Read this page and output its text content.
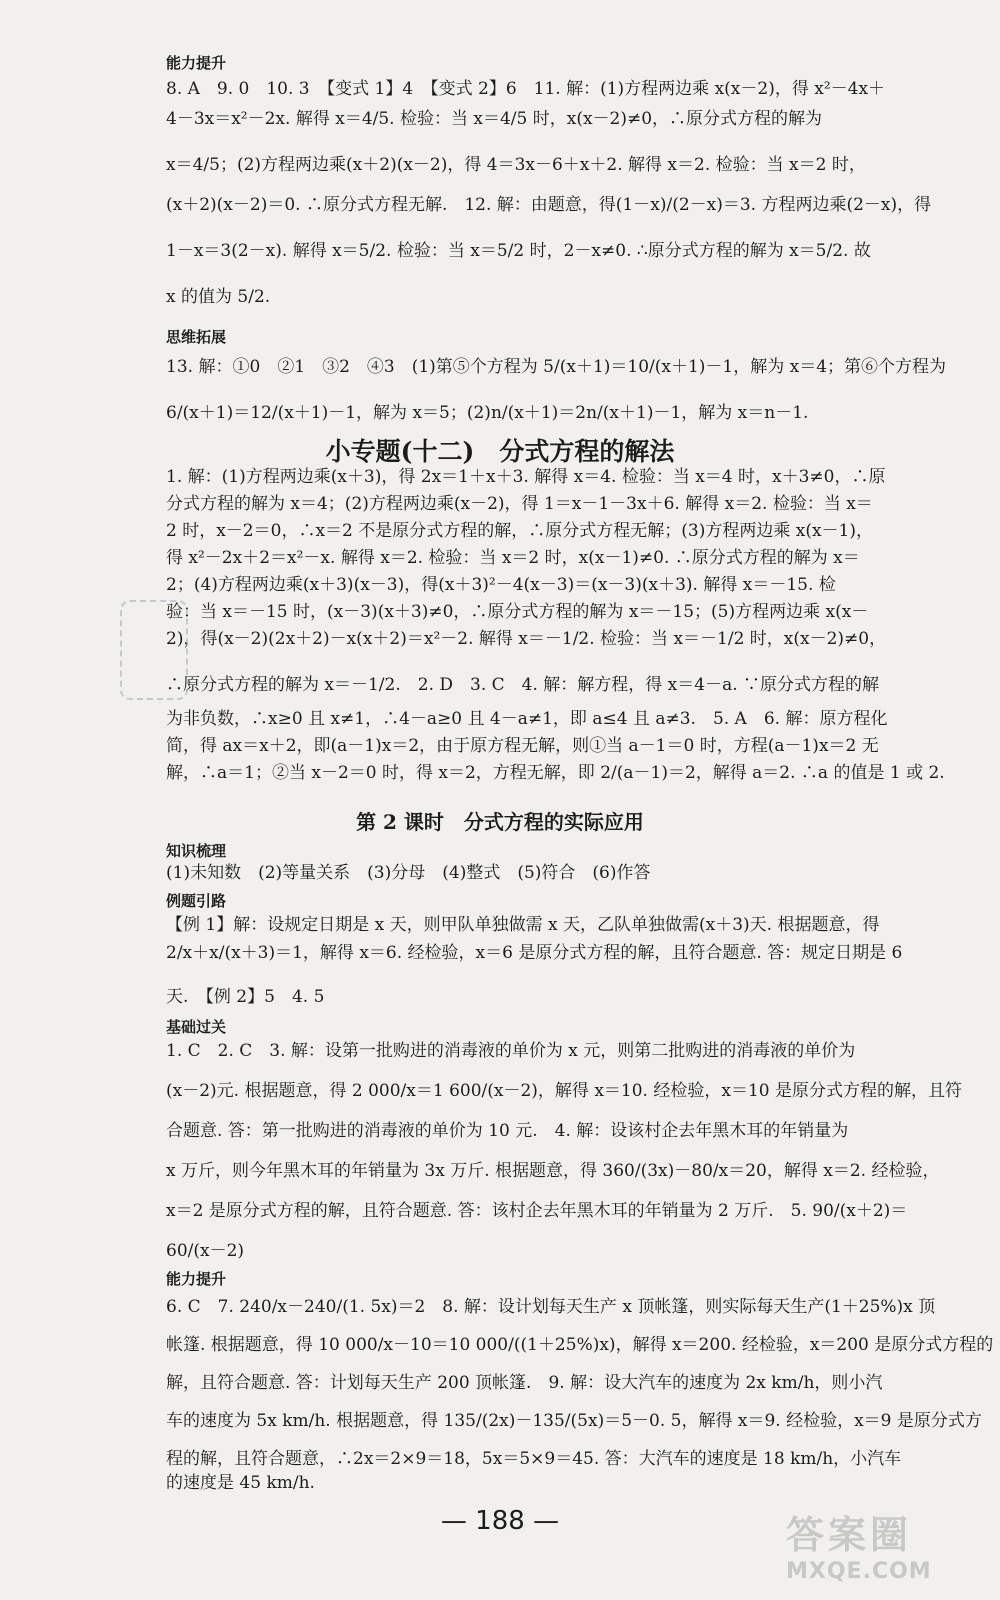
能力提升
8. A　9. 0　10. 3　【变式 1】4　【变式 2】6　11. 解：(1)方程两边乘 x(x－2)，得 x²－4x＋
4－3x＝x²－2x. 解得 x＝4/5. 检验：当 x＝4/5 时，x(x－2)≠0，∴原分式方程的解为
x＝4/5；(2)方程两边乘(x＋2)(x－2)，得 4＝3x－6＋x＋2. 解得 x＝2. 检验：当 x＝2 时，
(x＋2)(x－2)＝0. ∴原分式方程无解.　12. 解：由题意，得(1－x)/(2－x)＝3. 方程两边乘(2－x)，得
1－x＝3(2－x). 解得 x＝5/2. 检验：当 x＝5/2 时，2－x≠0. ∴原分式方程的解为 x＝5/2. 故
x 的值为 5/2.
思维拓展
13. 解：①0　②1　③2　④3　(1)第⑤个方程为 5/(x＋1)＝10/(x＋1)－1，解为 x＝4；第⑥个方程为
6/(x＋1)＝12/(x＋1)－1，解为 x＝5；(2)n/(x＋1)＝2n/(x＋1)－1，解为 x＝n－1.
小专题(十二)　分式方程的解法
1. 解：(1)方程两边乘(x＋3)，得 2x＝1＋x＋3. 解得 x＝4. 检验：当 x＝4 时，x＋3≠0，∴原
分式方程的解为 x＝4；(2)方程两边乘(x－2)，得 1＝x－1－3x＋6. 解得 x＝2. 检验：当 x＝
2 时，x－2＝0，∴x＝2 不是原分式方程的解，∴原分式方程无解；(3)方程两边乘 x(x－1)，
得 x²－2x＋2＝x²－x. 解得 x＝2. 检验：当 x＝2 时，x(x－1)≠0. ∴原分式方程的解为 x＝
2；(4)方程两边乘(x＋3)(x－3)，得(x＋3)²－4(x－3)＝(x－3)(x＋3). 解得 x＝－15. 检
验：当 x＝－15 时，(x－3)(x＋3)≠0，∴原分式方程的解为 x＝－15；(5)方程两边乘 x(x－
2)，得(x－2)(2x＋2)－x(x＋2)＝x²－2. 解得 x＝－1/2. 检验：当 x＝－1/2 时，x(x－2)≠0，
∴原分式方程的解为 x＝－1/2.　2. D　3. C　4. 解：解方程，得 x＝4－a. ∵原分式方程的解
为非负数，∴x≥0 且 x≠1，∴4－a≥0 且 4－a≠1，即 a≤4 且 a≠3.　5. A　6. 解：原方程化
简，得 ax＝x＋2，即(a－1)x＝2，由于原方程无解，则①当 a－1＝0 时，方程(a－1)x＝2 无
解，∴a＝1；②当 x－2＝0 时，得 x＝2，方程无解，即 2/(a－1)＝2，解得 a＝2. ∴a 的值是 1 或 2.
第 2 课时　分式方程的实际应用
知识梳理
(1)未知数　(2)等量关系　(3)分母　(4)整式　(5)符合　(6)作答
例题引路
【例 1】解：设规定日期是 x 天，则甲队单独做需 x 天，乙队单独做需(x＋3)天. 根据题意，得
2/x＋x/(x＋3)＝1，解得 x＝6. 经检验，x＝6 是原分式方程的解，且符合题意. 答：规定日期是 6
天.　【例 2】5　4. 5
基础过关
1. C　2. C　3. 解：设第一批购进的消毒液的单价为 x 元，则第二批购进的消毒液的单价为
(x－2)元. 根据题意，得 2 000/x＝1 600/(x－2)，解得 x＝10. 经检验，x＝10 是原分式方程的解，且符
合题意. 答：第一批购进的消毒液的单价为 10 元.　4. 解：设该村企去年黑木耳的年销量为
x 万斤，则今年黑木耳的年销量为 3x 万斤. 根据题意，得 360/(3x)－80/x＝20，解得 x＝2. 经检验，
x＝2 是原分式方程的解，且符合题意. 答：该村企去年黑木耳的年销量为 2 万斤.　5. 90/(x＋2)＝
60/(x－2)
能力提升
6. C　7. 240/x－240/(1. 5x)＝2　8. 解：设计划每天生产 x 顶帐篷，则实际每天生产(1＋25%)x 顶
帐篷. 根据题意，得 10 000/x－10＝10 000/((1＋25%)x)，解得 x＝200. 经检验，x＝200 是原分式方程的
解，且符合题意. 答：计划每天生产 200 顶帐篷.　9. 解：设大汽车的速度为 2x km/h，则小汽
车的速度为 5x km/h. 根据题意，得 135/(2x)－135/(5x)＝5－0. 5，解得 x＝9. 经检验，x＝9 是原分式方
程的解，且符合题意，∴2x＝2×9＝18，5x＝5×9＝45. 答：大汽车的速度是 18 km/h，小汽车
的速度是 45 km/h.
— 188 —	答案圈
MXQE.COM
